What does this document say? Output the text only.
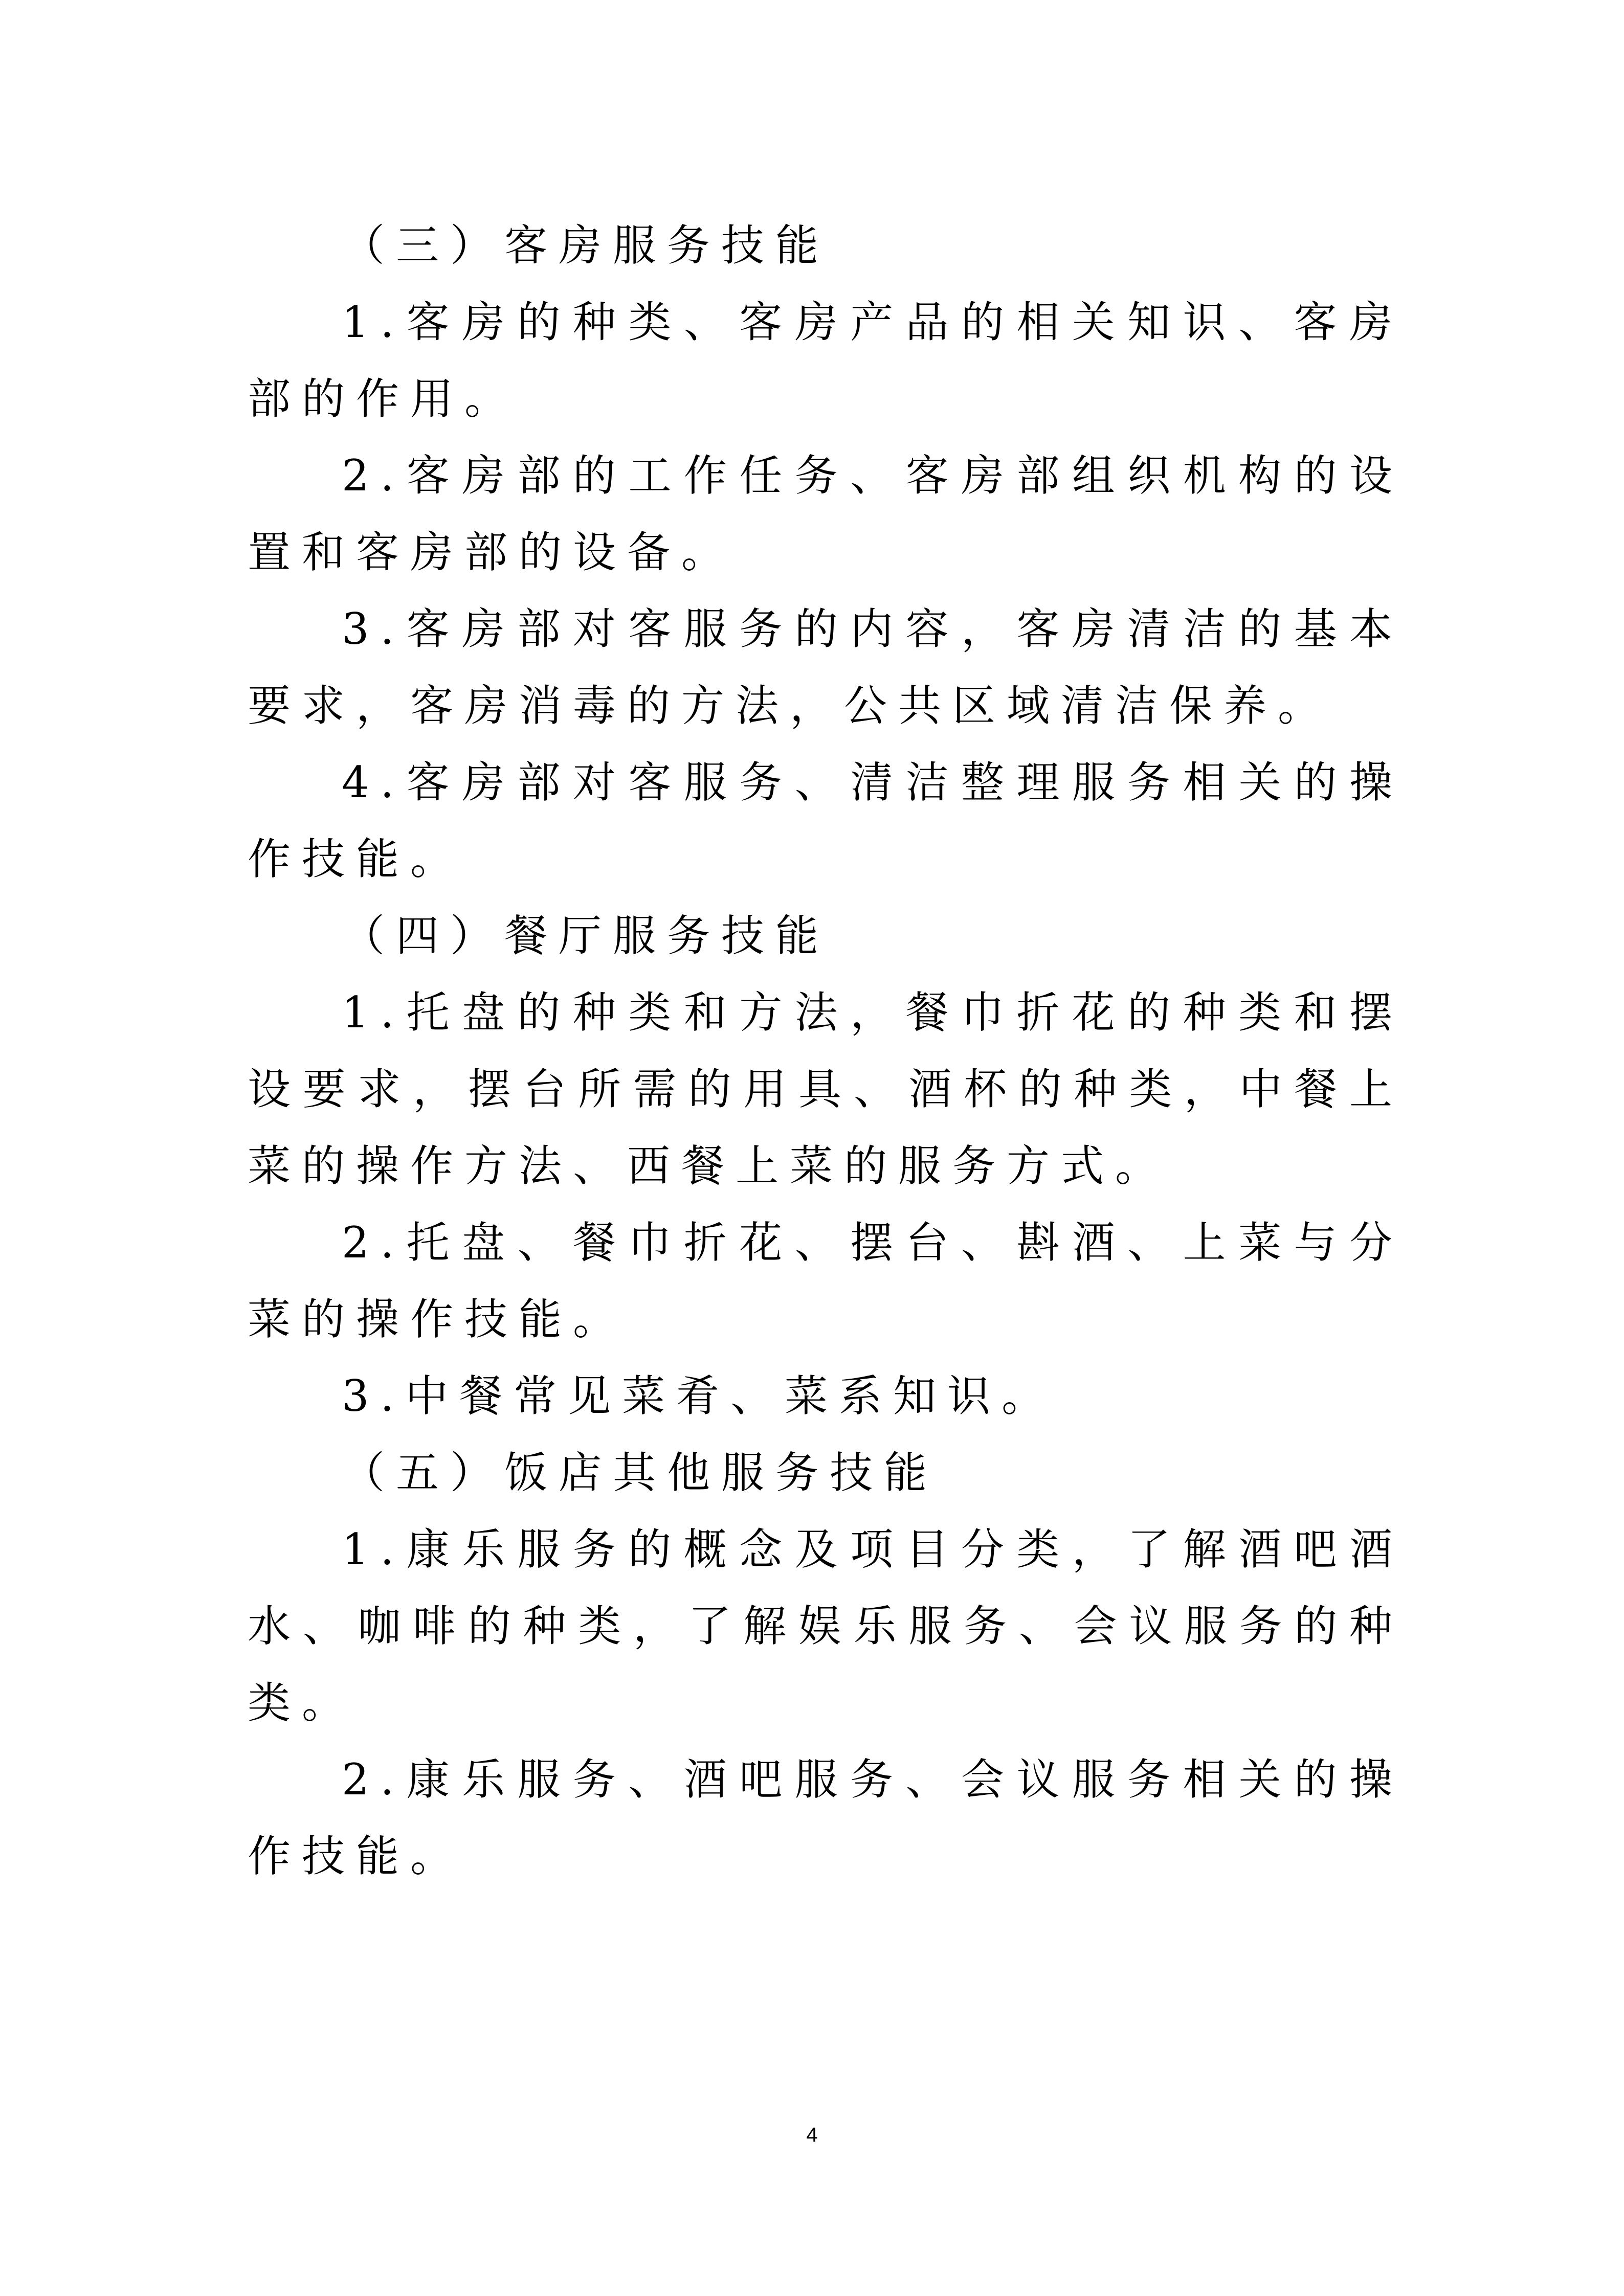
（三）客房服务技能

1.客房的种类、客房产品的相关知识、客房部的作用。

2.客房部的工作任务、客房部组织机构的设置和客房部的设备。

3.客房部对客服务的内容，客房清洁的基本要求，客房消毒的方法，公共区域清洁保养。

4.客房部对客服务、清洁整理服务相关的操作技能。

（四）餐厅服务技能

1.托盘的种类和方法，餐巾折花的种类和摆设要求，摆台所需的用具、酒杯的种类，中餐上菜的操作方法、西餐上菜的服务方式。

2.托盘、餐巾折花、摆台、斟酒、上菜与分菜的操作技能。

3.中餐常见菜肴、菜系知识。

（五）饭店其他服务技能

1.康乐服务的概念及项目分类，了解酒吧酒水、咖啡的种类，了解娱乐服务、会议服务的种类。

2.康乐服务、酒吧服务、会议服务相关的操作技能。

4
